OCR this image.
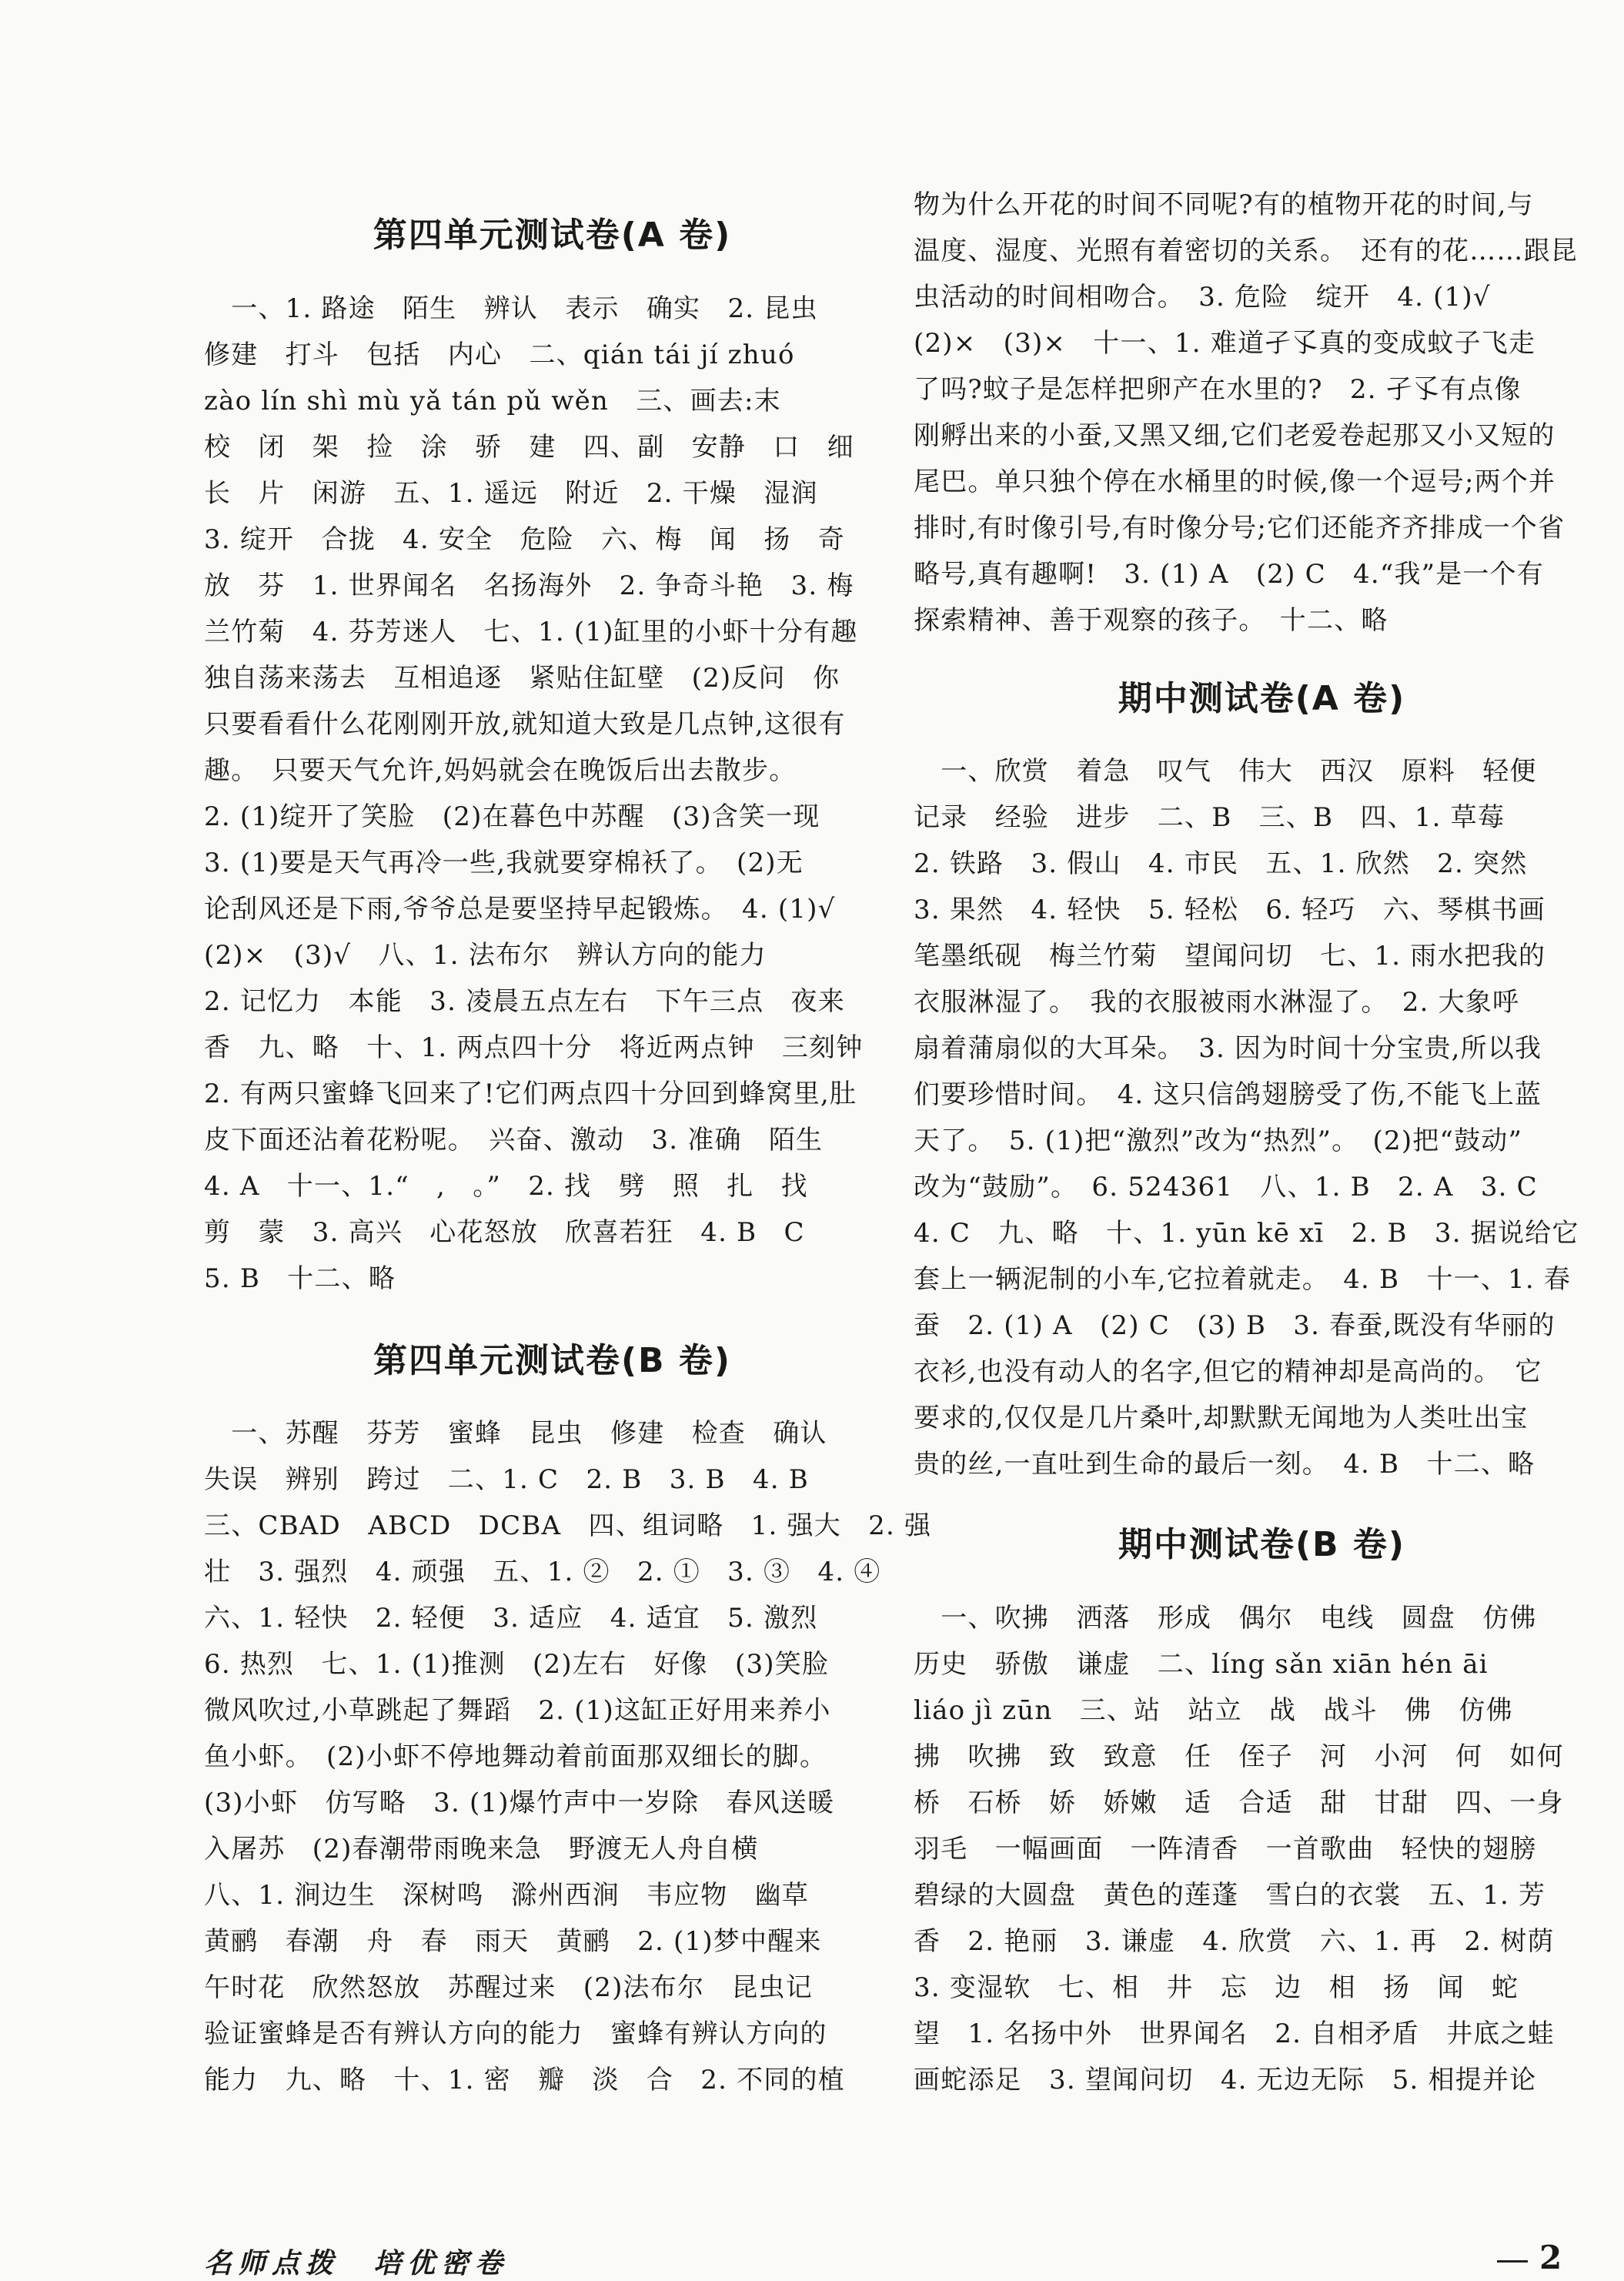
第四单元测试卷(A 卷)
　一、1. 路途　陌生　辨认　表示　确实　2. 昆虫
修建　打斗　包括　内心　二、qián tái jí zhuó
zào lín shì mù yǎ tán pǔ wěn　三、画去:末
校　闭　架　捡　涂　骄　建　四、副　安静　口　细
长　片　闲游　五、1. 遥远　附近　2. 干燥　湿润
3. 绽开　合拢　4. 安全　危险　六、梅　闻　扬　奇
放　芬　1. 世界闻名　名扬海外　2. 争奇斗艳　3. 梅
兰竹菊　4. 芬芳迷人　七、1. (1)缸里的小虾十分有趣
独自荡来荡去　互相追逐　紧贴住缸壁　(2)反问　你
只要看看什么花刚刚开放,就知道大致是几点钟,这很有
趣。　只要天气允许,妈妈就会在晚饭后出去散步。
2. (1)绽开了笑脸　(2)在暮色中苏醒　(3)含笑一现
3. (1)要是天气再冷一些,我就要穿棉袄了。　(2)无
论刮风还是下雨,爷爷总是要坚持早起锻炼。　4. (1)√
(2)×　(3)√　八、1. 法布尔　辨认方向的能力
2. 记忆力　本能　3. 凌晨五点左右　下午三点　夜来
香　九、略　十、1. 两点四十分　将近两点钟　三刻钟
2. 有两只蜜蜂飞回来了!它们两点四十分回到蜂窝里,肚
皮下面还沾着花粉呢。　兴奋、激动　3. 准确　陌生
4. A　十一、1.“　,　。”　2. 找　劈　照　扎　找
剪　蒙　3. 高兴　心花怒放　欣喜若狂　4. B　C
5. B　十二、略
第四单元测试卷(B 卷)
　一、苏醒　芬芳　蜜蜂　昆虫　修建　检查　确认
失误　辨别　跨过　二、1. C　2. B　3. B　4. B
三、CBAD　ABCD　DCBA　四、组词略　1. 强大　2. 强
壮　3. 强烈　4. 顽强　五、1. ②　2. ①　3. ③　4. ④
六、1. 轻快　2. 轻便　3. 适应　4. 适宜　5. 激烈
6. 热烈　七、1. (1)推测　(2)左右　好像　(3)笑脸
微风吹过,小草跳起了舞蹈　2. (1)这缸正好用来养小
鱼小虾。　(2)小虾不停地舞动着前面那双细长的脚。
(3)小虾　仿写略　3. (1)爆竹声中一岁除　春风送暖
入屠苏　(2)春潮带雨晚来急　野渡无人舟自横
八、1. 涧边生　深树鸣　滁州西涧　韦应物　幽草
黄鹂　春潮　舟　春　雨天　黄鹂　2. (1)梦中醒来
午时花　欣然怒放　苏醒过来　(2)法布尔　昆虫记
验证蜜蜂是否有辨认方向的能力　蜜蜂有辨认方向的
能力　九、略　十、1. 密　瓣　淡　合　2. 不同的植
物为什么开花的时间不同呢?有的植物开花的时间,与
温度、湿度、光照有着密切的关系。　还有的花……跟昆
虫活动的时间相吻合。　3. 危险　绽开　4. (1)√
(2)×　(3)×　十一、1. 难道孑孓真的变成蚊子飞走
了吗?蚊子是怎样把卵产在水里的?　2. 孑孓有点像
刚孵出来的小蚕,又黑又细,它们老爱卷起那又小又短的
尾巴。单只独个停在水桶里的时候,像一个逗号;两个并
排时,有时像引号,有时像分号;它们还能齐齐排成一个省
略号,真有趣啊!　3. (1) A　(2) C　4.“我”是一个有
探索精神、善于观察的孩子。　十二、略
期中测试卷(A 卷)
　一、欣赏　着急　叹气　伟大　西汉　原料　轻便
记录　经验　进步　二、B　三、B　四、1. 草莓
2. 铁路　3. 假山　4. 市民　五、1. 欣然　2. 突然
3. 果然　4. 轻快　5. 轻松　6. 轻巧　六、琴棋书画
笔墨纸砚　梅兰竹菊　望闻问切　七、1. 雨水把我的
衣服淋湿了。　我的衣服被雨水淋湿了。　2. 大象呼
扇着蒲扇似的大耳朵。　3. 因为时间十分宝贵,所以我
们要珍惜时间。　4. 这只信鸽翅膀受了伤,不能飞上蓝
天了。　5. (1)把“激烈”改为“热烈”。　(2)把“鼓动”
改为“鼓励”。　6. 524361　八、1. B　2. A　3. C
4. C　九、略　十、1. yūn kē xī　2. B　3. 据说给它
套上一辆泥制的小车,它拉着就走。　4. B　十一、1. 春
蚕　2. (1) A　(2) C　(3) B　3. 春蚕,既没有华丽的
衣衫,也没有动人的名字,但它的精神却是高尚的。　它
要求的,仅仅是几片桑叶,却默默无闻地为人类吐出宝
贵的丝,一直吐到生命的最后一刻。　4. B　十二、略
期中测试卷(B 卷)
　一、吹拂　洒落　形成　偶尔　电线　圆盘　仿佛
历史　骄傲　谦虚　二、líng sǎn xiān hén āi
liáo jì zūn　三、站　站立　战　战斗　佛　仿佛
拂　吹拂　致　致意　任　侄子　河　小河　何　如何
桥　石桥　娇　娇嫩　适　合适　甜　甘甜　四、一身
羽毛　一幅画面　一阵清香　一首歌曲　轻快的翅膀
碧绿的大圆盘　黄色的莲蓬　雪白的衣裳　五、1. 芳
香　2. 艳丽　3. 谦虚　4. 欣赏　六、1. 再　2. 树荫
3. 变湿软　七、相　井　忘　边　相　扬　闻　蛇
望　1. 名扬中外　世界闻名　2. 自相矛盾　井底之蛙
画蛇添足　3. 望闻问切　4. 无边无际　5. 相提并论
名师点拨　培优密卷	2
